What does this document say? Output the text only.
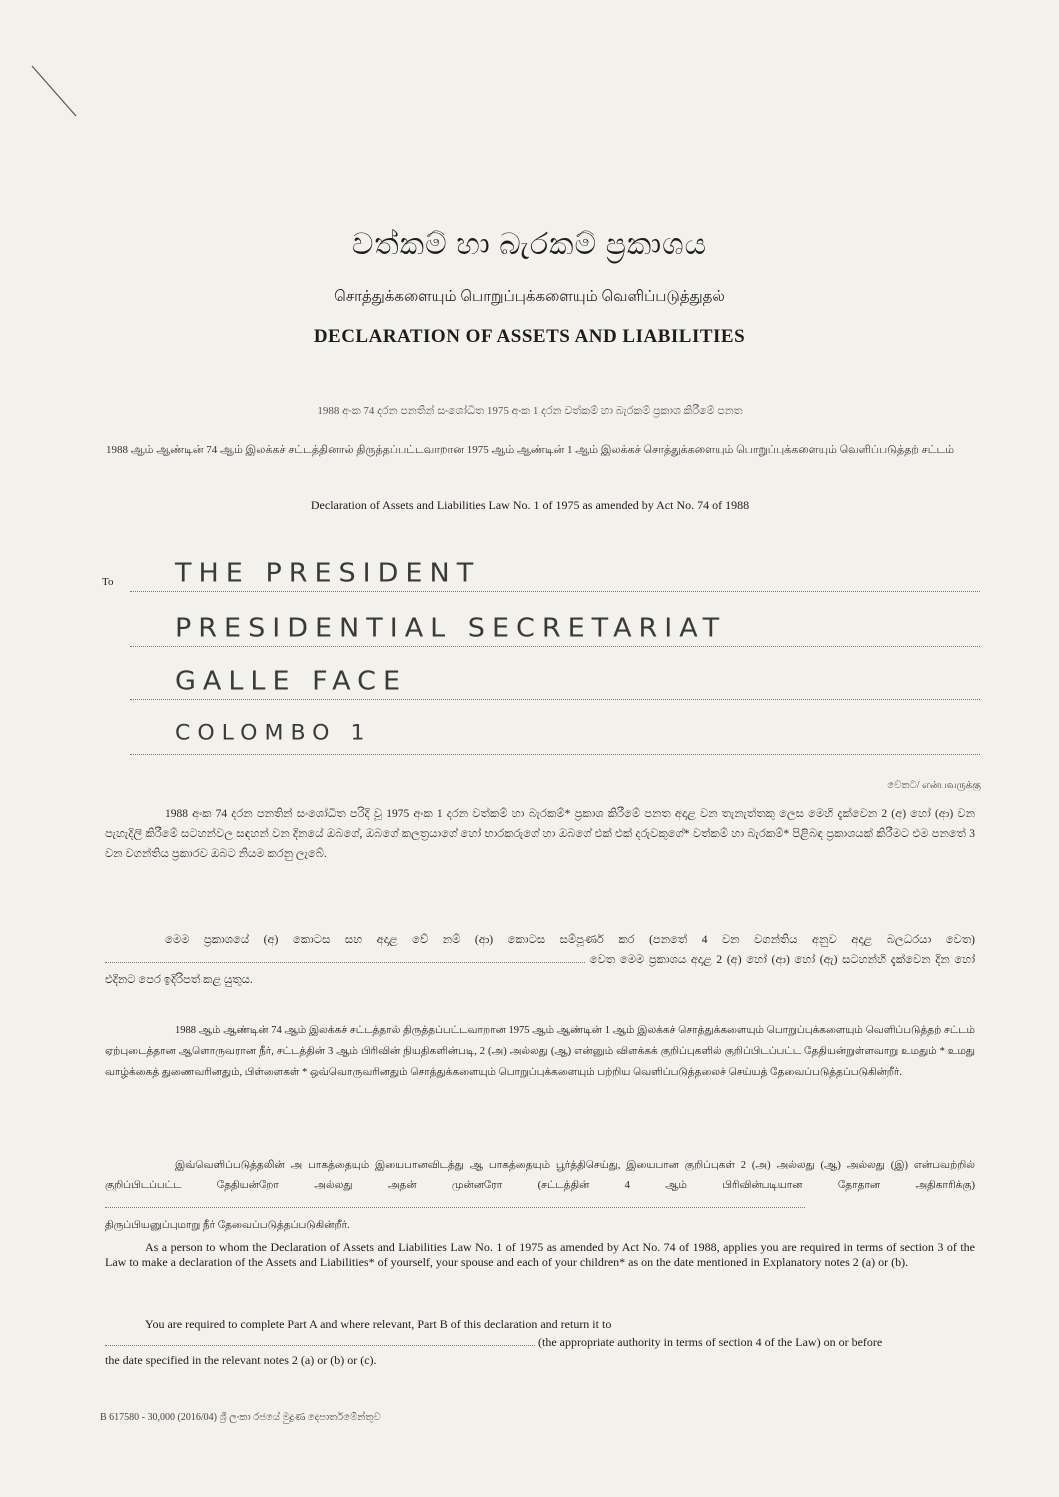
වත්කම් හා බැරකම් ප්‍රකාශය
சொத்துக்களையும் பொறுப்புக்களையும் வெளிப்படுத்துதல்
DECLARATION OF ASSETS AND LIABILITIES
1988 අංක 74 දරන පනතින් සංශෝධිත 1975 අංක 1 දරන වත්කම් හා බැරකම් ප්‍රකාශ කිරීමේ පනත
1988 ஆம் ஆண்டின் 74 ஆம் இலக்கச் சட்டத்தினால் திருத்தப்பட்டவாறான 1975 ஆம் ஆண்டின் 1 ஆம் இலக்கச் சொத்துக்களையும் பொறுப்புக்களையும் வெளிப்படுத்தற் சட்டம்
Declaration of Assets and Liabilities Law No. 1 of 1975 as amended by Act No. 74 of 1988
To THE PRESIDENT
PRESIDENTIAL SECRETARIAT
GALLE FACE
COLOMBO 1
වෙතට/ என்பவருக்கு
1988 අංක 74 දරන පනතින් සංශෝධිත පරිදි වූ 1975 අංක 1 දරන වත්කම් හා බැරකම්* ප්‍රකාශ කිරීමේ පනත අදාළ වන තැනැත්තකු ලෙස මෙහි දැක්වෙන 2 (අ) හෝ (ආ) වන පැහැදිලි කිරීමේ සටහන්වල සඳහන් වන දිනයේ ඔබගේ, ඔබගේ කලත්‍රයාගේ හෝ භාරකරුගේ හා ඔබගේ එක් එක් දරුවකුගේ* වත්කම් හා බැරකම්* පිළිබඳ ප්‍රකාශයක් කිරීමට එම පනතේ 3 වන වගන්තිය ප්‍රකාරව ඔබට නියම කරනු ලැබේ.
මෙම ප්‍රකාශයේ (අ) කොටස සහ අදාළ වේ නම් (ආ) කොටස සම්පූර්ණ කර (පනතේ 4 වන වගන්තිය අනුව අදාළ බලධරයා වෙත)  වෙත මෙම ප්‍රකාශය අදාළ 2 (අ) හෝ (ආ) හෝ (ඇ) සටහන්හි දැක්වෙන දින හෝ එදිනට පෙර ඉදිරිපත් කළ යුතුය.
1988 ஆம் ஆண்டின் 74 ஆம் இலக்கச் சட்டத்தால் திருத்தப்பட்டவாறான 1975 ஆம் ஆண்டின் 1 ஆம் இலக்கச் சொத்துக்களையும் பொறுப்புக்களையும் வெளிப்படுத்தற் சட்டம் ஏற்புடைத்தான ஆளொருவரான நீர், சட்டத்தின் 3 ஆம் பிரிவின் நியதிகளின்படி, 2 (அ) அல்லது (ஆ) என்னும் விளக்கக் குறிப்புகளில் குறிப்பிடப்பட்ட தேதியன்றுள்ளவாறு உமதும் * உமது வாழ்க்கைத் துணைவரினதும், பிள்ளைகள் * ஒவ்வொருவரினதும் சொத்துக்களையும் பொறுப்புக்களையும் பற்றிய வெளிப்படுத்தலைச் செய்யத் தேவைப்படுத்தப்படுகின்றீர்.
இவ்வெளிப்படுத்தலின் அ பாகத்தையும் இயைபானவிடத்து ஆ பாகத்தையும் பூர்த்திசெய்து, இயைபான குறிப்புகள் 2 (அ) அல்லது (ஆ) அல்லது (இ) என்பவற்றில் குறிப்பிடப்பட்ட தேதியன்றோ அல்லது அதன் முன்னரோ (சட்டத்தின் 4 ஆம் பிரிவின்படியான தோதான அதிகாரிக்கு)
திருப்பியனுப்புமாறு நீர் தேவைப்படுத்தப்படுகின்றீர்.
As a person to whom the Declaration of Assets and Liabilities Law No. 1 of 1975 as amended by Act No. 74 of 1988, applies you are required in terms of section 3 of the Law to make a declaration of the Assets and Liabilities* of yourself, your spouse and each of your children* as on the date mentioned in Explanatory notes 2 (a) or (b).
You are required to complete Part A and where relevant, Part B of this declaration and return it to
(the appropriate authority in terms of section 4 of the Law) on or before
the date specified in the relevant notes 2 (a) or (b) or (c).
B 617580 - 30,000 (2016/04) ශ්‍රී ලංකා රජයේ මුද්‍රණ දෙපාර්තමේන්තුව
